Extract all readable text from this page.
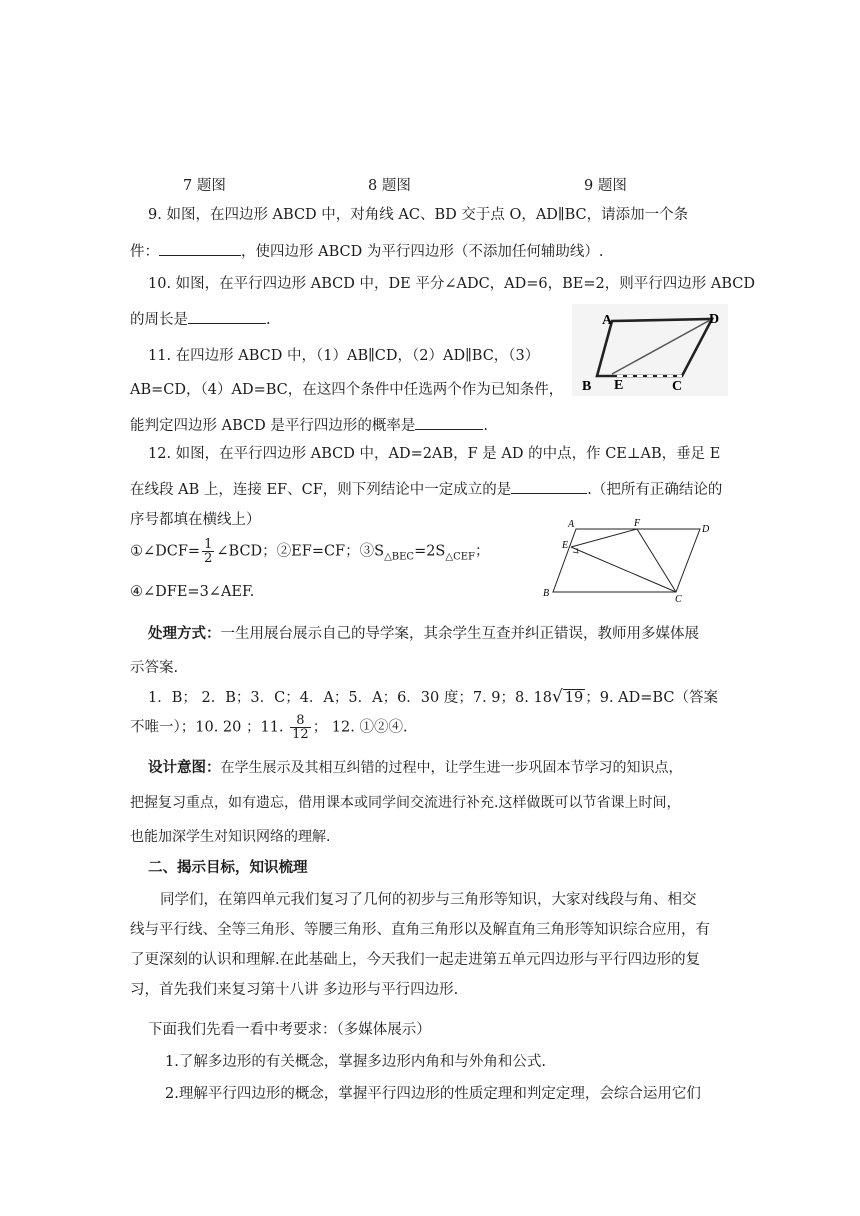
7 题图	8 题图	9 题图
9. 如图，在四边形 ABCD 中，对角线 AC、BD 交于点 O，AD∥BC，请添加一个条
件：	，使四边形 ABCD 为平行四边形（不添加任何辅助线）.
10. 如图，在平行四边形 ABCD 中，DE 平分∠ADC，AD=6，BE=2，则平行四边形 ABCD
的周长是	.	A	D
B E	C
11. 在四边形 ABCD 中，（1）AB∥CD，（2）AD∥BC，（3）
AB=CD，（4）AD=BC，在这四个条件中任选两个作为已知条件，
能判定四边形 ABCD 是平行四边形的概率是	.
12. 如图，在平行四边形 ABCD 中，AD=2AB，F 是 AD 的中点，作 CE⊥AB，垂足 E
在线段 AB 上，连接 EF、CF，则下列结论中一定成立的是	.（把所有正确结论的
序号都填在横线上）
①∠DCF= $\frac{1}{2}$ ∠BCD；②EF=CF；$③S_{\triangle BEC}=2S_{\triangle CEF}$；
④∠DFE=3∠AEF.
A	F
D
E
B
C
处理方式：一生用展台展示自己的导学案，其余学生互查并纠正错误，教师用多媒体展
示答案.
1．B； 2．B；3．C；4．A；5．A；6．30 度；7. 9；8. 18√ 19 ；9. AD=BC（答案
不唯一）；10. 20 ；11. $\frac{8}{12}$ ； 12. ①②④.
设计意图：在学生展示及其相互纠错的过程中，让学生进一步巩固本节学习的知识点，
把握复习重点，如有遗忘，借用课本或同学间交流进行补充.这样做既可以节省课上时间，
也能加深学生对知识网络的理解.
二、揭示目标，知识梳理
同学们，在第四单元我们复习了几何的初步与三角形等知识，大家对线段与角、相交
线与平行线、全等三角形、等腰三角形、直角三角形以及解直角三角形等知识综合应用，有
了更深刻的认识和理解.在此基础上，今天我们一起走进第五单元四边形与平行四边形的复
习，首先我们来复习第十八讲 多边形与平行四边形.
下面我们先看一看中考要求：（多媒体展示）
1.了解多边形的有关概念，掌握多边形内角和与外角和公式.
2.理解平行四边形的概念，掌握平行四边形的性质定理和判定定理，会综合运用它们
